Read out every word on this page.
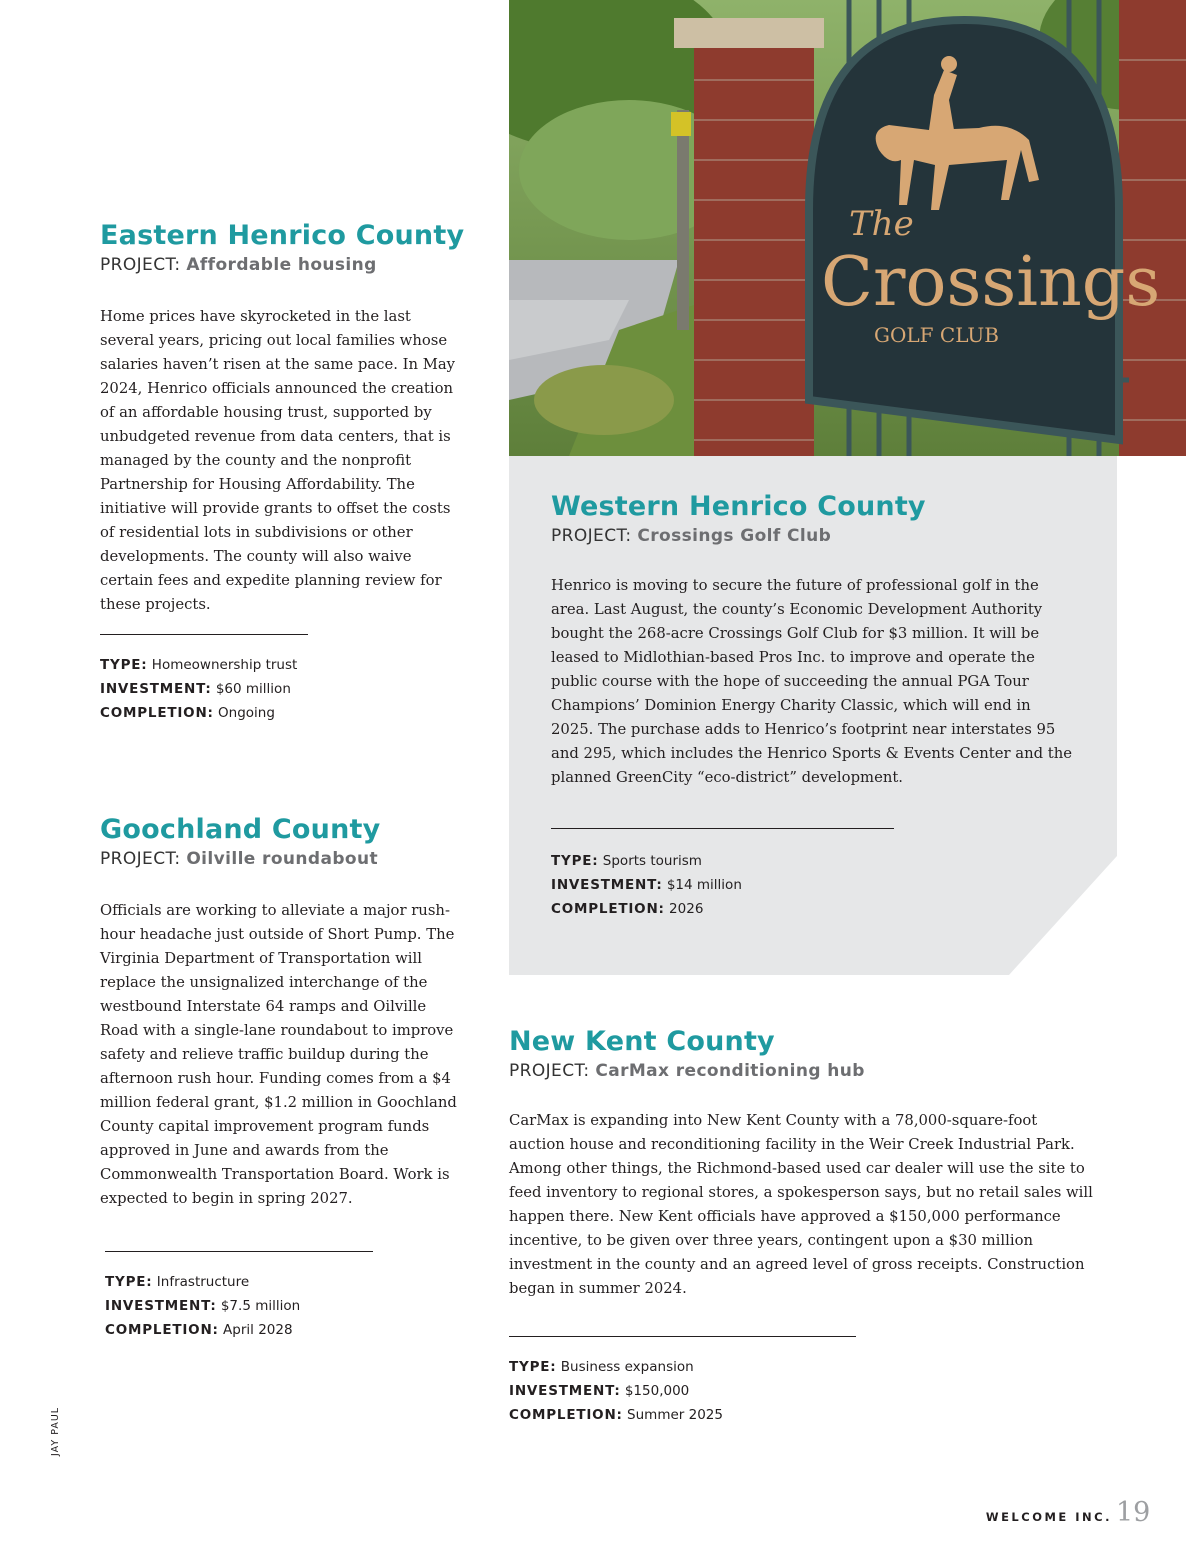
The
Crossings
GOLF CLUB
Eastern Henrico County
PROJECT: Affordable housing

Home prices have skyrocketed in the last several years, pricing out local families whose salaries haven’t risen at the same pace. In May 2024, Henrico officials announced the creation of an affordable housing trust, supported by unbudgeted revenue from data centers, that is managed by the county and the nonprofit Partnership for Housing Affordability. The initiative will provide grants to offset the costs of residential lots in subdivisions or other developments. The county will also waive certain fees and expedite planning review for these projects.

TYPE: Homeownership trust
INVESTMENT: $60 million
COMPLETION: Ongoing
Goochland County
PROJECT: Oilville roundabout

Officials are working to alleviate a major rush-hour headache just outside of Short Pump. The Virginia Department of Transportation will replace the unsignalized interchange of the westbound Interstate 64 ramps and Oilville Road with a single-lane roundabout to improve safety and relieve traffic buildup during the afternoon rush hour. Funding comes from a $4 million federal grant, $1.2 million in Goochland County capital improvement program funds approved in June and awards from the Commonwealth Transportation Board. Work is expected to begin in spring 2027.

TYPE: Infrastructure
INVESTMENT: $7.5 million
COMPLETION: April 2028
Western Henrico County
PROJECT: Crossings Golf Club

Henrico is moving to secure the future of professional golf in the area. Last August, the county’s Economic Development Authority bought the 268-acre Crossings Golf Club for $3 million. It will be leased to Midlothian-based Pros Inc. to improve and operate the public course with the hope of succeeding the annual PGA Tour Champions’ Dominion Energy Charity Classic, which will end in 2025. The purchase adds to Henrico’s footprint near interstates 95 and 295, which includes the Henrico Sports & Events Center and the planned GreenCity “eco-district” development.

TYPE: Sports tourism
INVESTMENT: $14 million
COMPLETION: 2026
New Kent County
PROJECT: CarMax reconditioning hub

CarMax is expanding into New Kent County with a 78,000-square-foot auction house and reconditioning facility in the Weir Creek Industrial Park. Among other things, the Richmond-based used car dealer will use the site to feed inventory to regional stores, a spokesperson says, but no retail sales will happen there. New Kent officials have approved a $150,000 performance incentive, to be given over three years, contingent upon a $30 million investment in the county and an agreed level of gross receipts. Construction began in summer 2024.

TYPE: Business expansion
INVESTMENT: $150,000
COMPLETION: Summer 2025
JAY PAUL
WELCOME INC. 19
